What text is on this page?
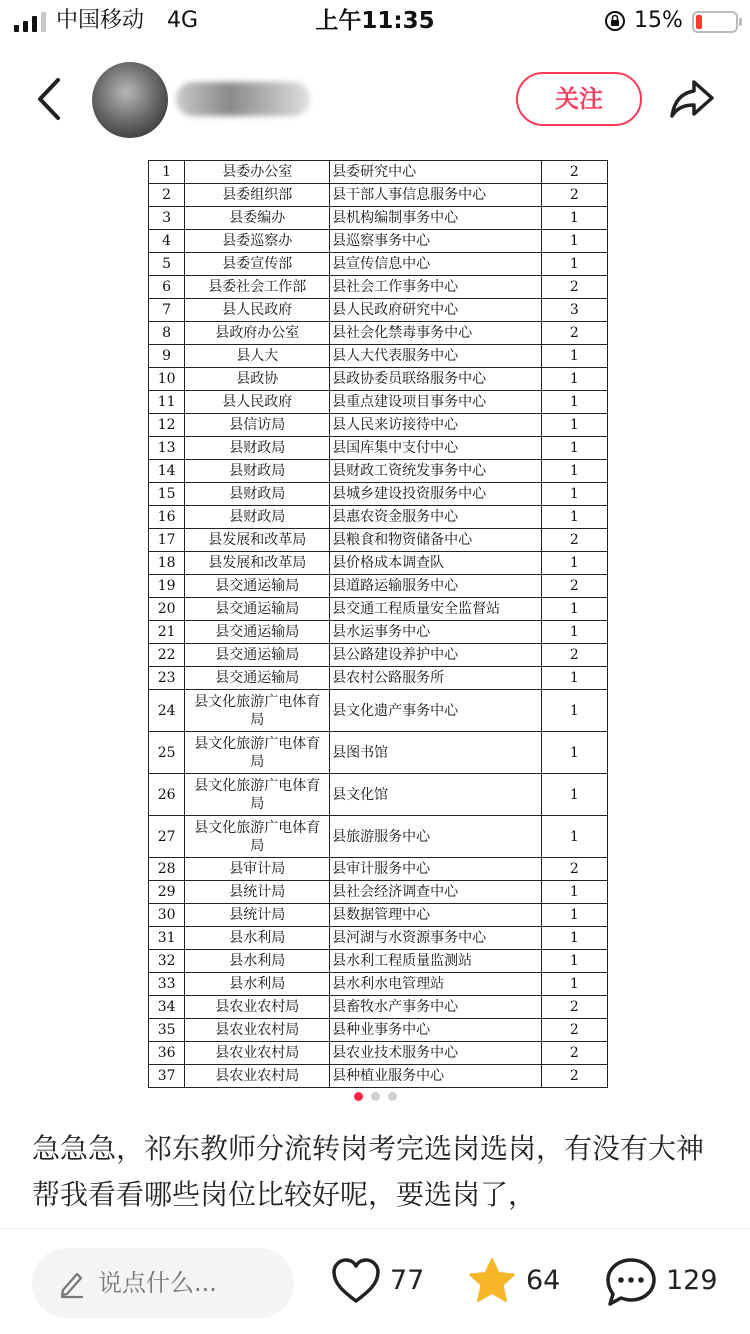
中国移动 4G	上午11:35	15%
关注
1	县委办公室	县委研究中心	2
2	县委组织部	县干部人事信息服务中心	2
3	县委编办	县机构编制事务中心	1
4	县委巡察办	县巡察事务中心	1
5	县委宣传部	县宣传信息中心	1
6	县委社会工作部	县社会工作事务中心	2
7	县人民政府	县人民政府研究中心	3
8	县政府办公室	县社会化禁毒事务中心	2
9	县人大	县人大代表服务中心	1
10	县政协	县政协委员联络服务中心	1
11	县人民政府	县重点建设项目事务中心	1
12	县信访局	县人民来访接待中心	1
13	县财政局	县国库集中支付中心	1
14	县财政局	县财政工资统发事务中心	1
15	县财政局	县城乡建设投资服务中心	1
16	县财政局	县惠农资金服务中心	1
17	县发展和改革局	县粮食和物资储备中心	2
18	县发展和改革局	县价格成本调查队	1
19	县交通运输局	县道路运输服务中心	2
20	县交通运输局	县交通工程质量安全监督站	1
21	县交通运输局	县水运事务中心	1
22	县交通运输局	县公路建设养护中心	2
23	县交通运输局	县农村公路服务所	1
24	县文化旅游广电体育局	县文化遗产事务中心	1
25	县文化旅游广电体育局	县图书馆	1
26	县文化旅游广电体育局	县文化馆	1
27	县文化旅游广电体育局	县旅游服务中心	1
28	县审计局	县审计服务中心	2
29	县统计局	县社会经济调查中心	1
30	县统计局	县数据管理中心	1
31	县水利局	县河湖与水资源事务中心	1
32	县水利局	县水利工程质量监测站	1
33	县水利局	县水利水电管理站	1
34	县农业农村局	县畜牧水产事务中心	2
35	县农业农村局	县种业事务中心	2
36	县农业农村局	县农业技术服务中心	2
37	县农业农村局	县种植业服务中心	2
急急急，祁东教师分流转岗考完选岗选岗，有没有大神帮我看看哪些岗位比较好呢，要选岗了，
说点什么...	77	64	129
